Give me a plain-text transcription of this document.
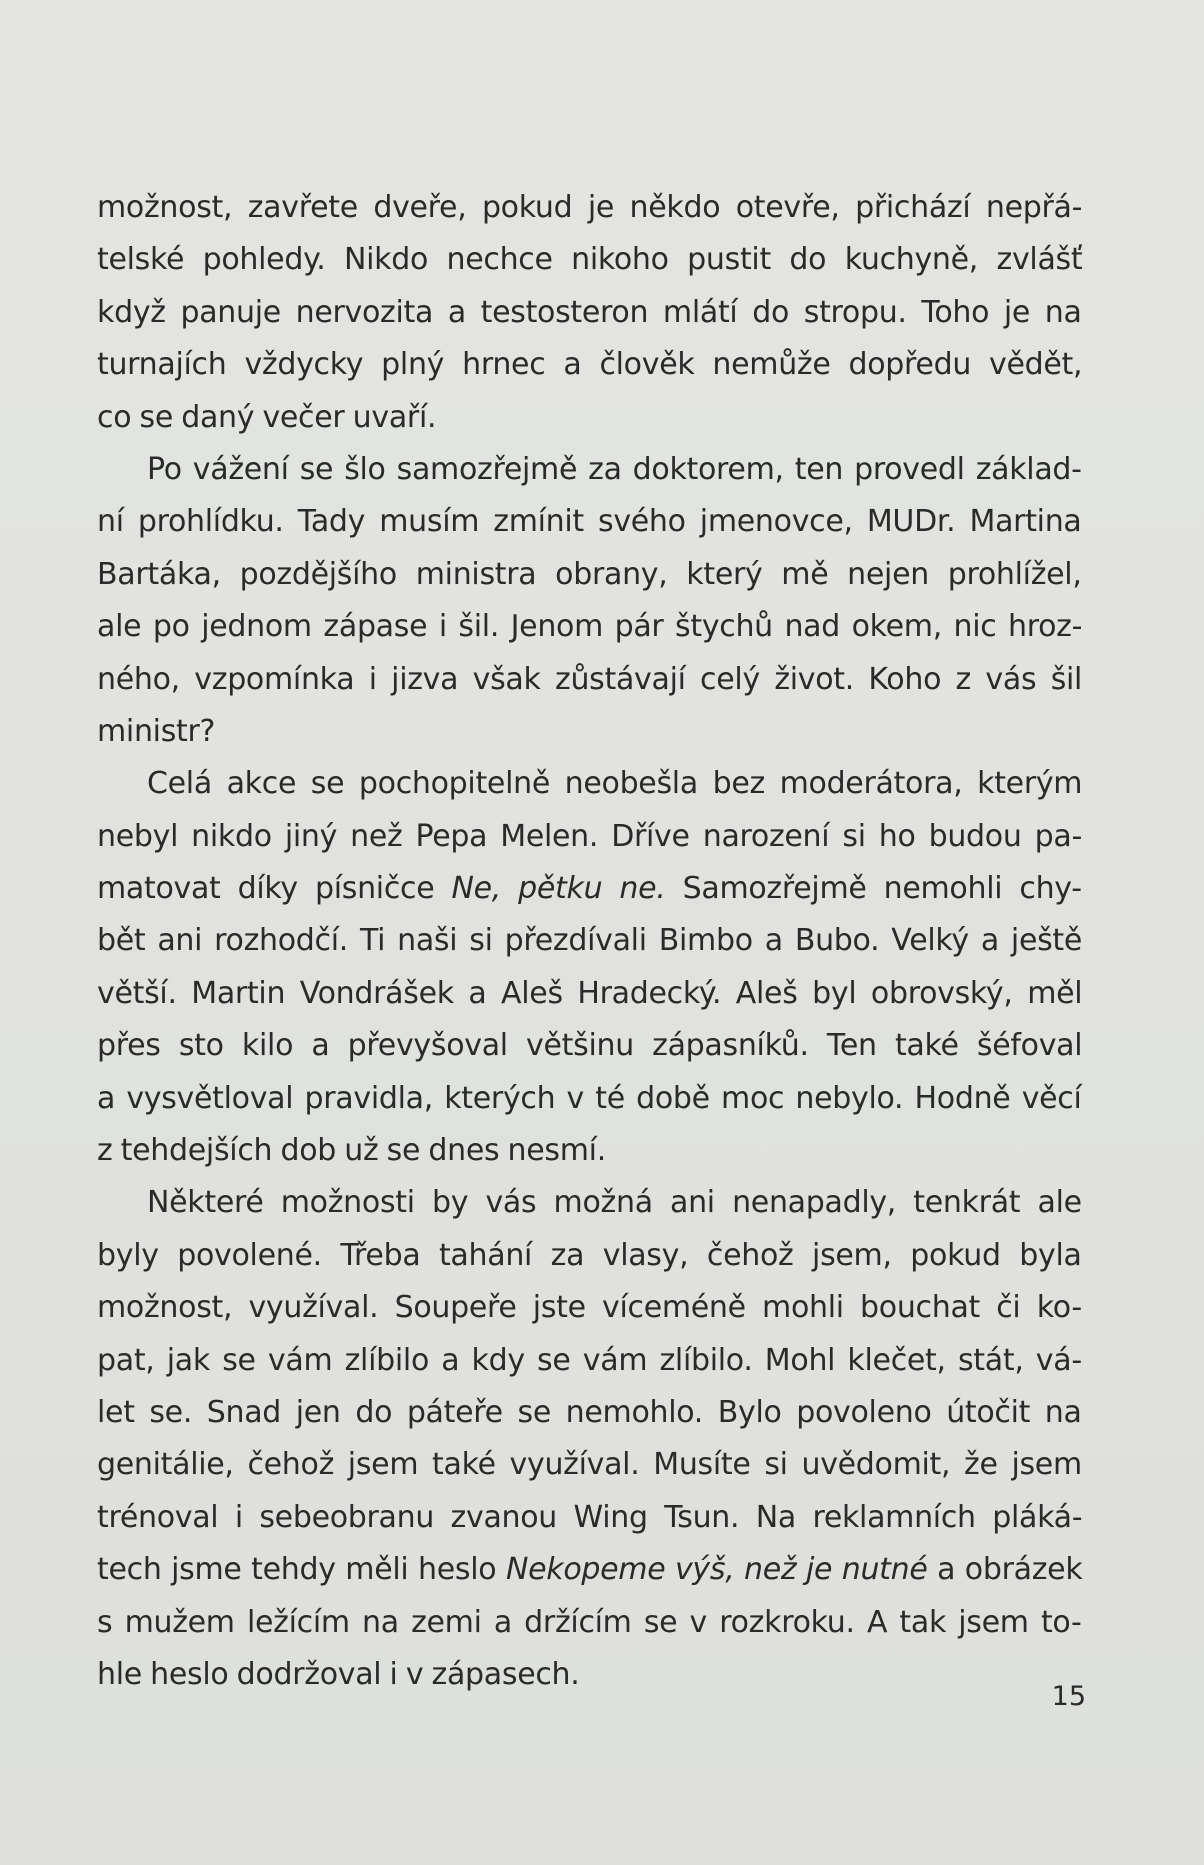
možnost, zavřete dveře, pokud je někdo otevře, přichází nepřá-
telské pohledy. Nikdo nechce nikoho pustit do kuchyně, zvlášť
když panuje nervozita a testosteron mlátí do stropu. Toho je na
turnajích vždycky plný hrnec a člověk nemůže dopředu vědět,
co se daný večer uvaří.
Po vážení se šlo samozřejmě za doktorem, ten provedl základ-
ní prohlídku. Tady musím zmínit svého jmenovce, MUDr. Martina
Bartáka, pozdějšího ministra obrany, který mě nejen prohlížel,
ale po jednom zápase i šil. Jenom pár štychů nad okem, nic hroz-
ného, vzpomínka i jizva však zůstávají celý život. Koho z vás šil
ministr?
Celá akce se pochopitelně neobešla bez moderátora, kterým
nebyl nikdo jiný než Pepa Melen. Dříve narození si ho budou pa-
matovat díky písničce Ne, pětku ne. Samozřejmě nemohli chy-
bět ani rozhodčí. Ti naši si přezdívali Bimbo a Bubo. Velký a ještě
větší. Martin Vondrášek a Aleš Hradecký. Aleš byl obrovský, měl
přes sto kilo a převyšoval většinu zápasníků. Ten také šéfoval
a vysvětloval pravidla, kterých v té době moc nebylo. Hodně věcí
z tehdejších dob už se dnes nesmí.
Některé možnosti by vás možná ani nenapadly, tenkrát ale
byly povolené. Třeba tahání za vlasy, čehož jsem, pokud byla
možnost, využíval. Soupeře jste víceméně mohli bouchat či ko-
pat, jak se vám zlíbilo a kdy se vám zlíbilo. Mohl klečet, stát, vá-
let se. Snad jen do páteře se nemohlo. Bylo povoleno útočit na
genitálie, čehož jsem také využíval. Musíte si uvědomit, že jsem
trénoval i sebeobranu zvanou Wing Tsun. Na reklamních pláká-
tech jsme tehdy měli heslo Nekopeme výš, než je nutné a obrázek
s mužem ležícím na zemi a držícím se v rozkroku. A tak jsem to-
hle heslo dodržoval i v zápasech.
15
